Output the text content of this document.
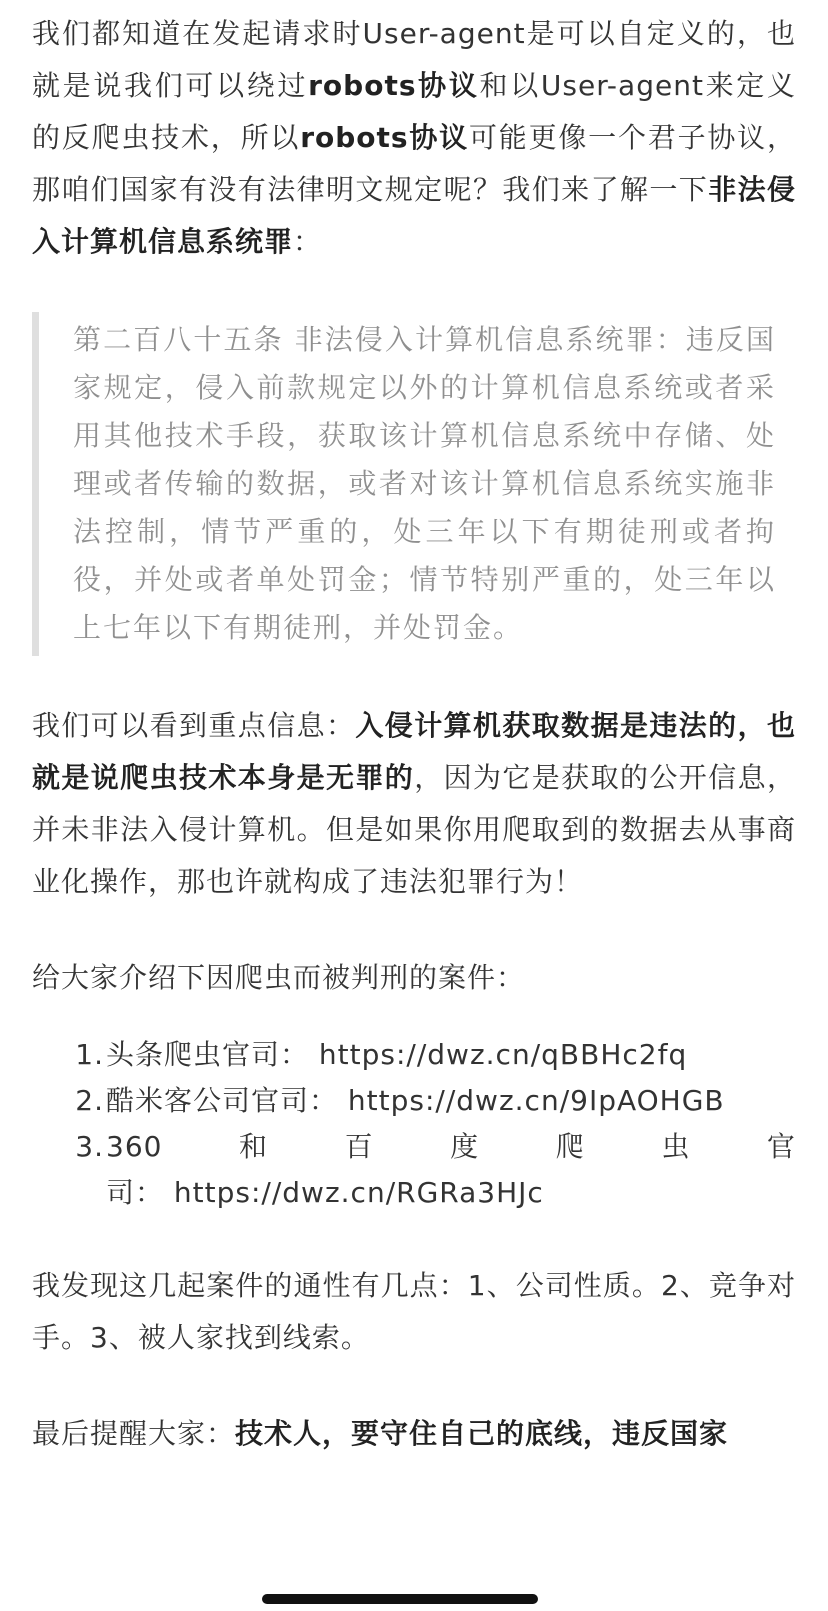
我们都知道在发起请求时User-agent是可以自定义的，也就是说我们可以绕过robots协议和以User-agent来定义的反爬虫技术，所以robots协议可能更像一个君子协议，那咱们国家有没有法律明文规定呢？我们来了解一下非法侵入计算机信息系统罪：

第二百八十五条 非法侵入计算机信息系统罪：违反国家规定，侵入前款规定以外的计算机信息系统或者采用其他技术手段，获取该计算机信息系统中存储、处理或者传输的数据，或者对该计算机信息系统实施非法控制，情节严重的，处三年以下有期徒刑或者拘役，并处或者单处罚金；情节特别严重的，处三年以上七年以下有期徒刑，并处罚金。

我们可以看到重点信息：入侵计算机获取数据是违法的，也就是说爬虫技术本身是无罪的，因为它是获取的公开信息，并未非法入侵计算机。但是如果你用爬取到的数据去从事商业化操作，那也许就构成了违法犯罪行为！

给大家介绍下因爬虫而被判刑的案件：

1. 头条爬虫官司： https://dwz.cn/qBBHc2fq
2. 酷米客公司官司： https://dwz.cn/9IpAOHGB
3. 360	和	百	度	爬	虫	官
司： https://dwz.cn/RGRa3HJc

我发现这几起案件的通性有几点：1、公司性质。2、竞争对手。3、被人家找到线索。

最后提醒大家：技术人，要守住自己的底线，违反国家
